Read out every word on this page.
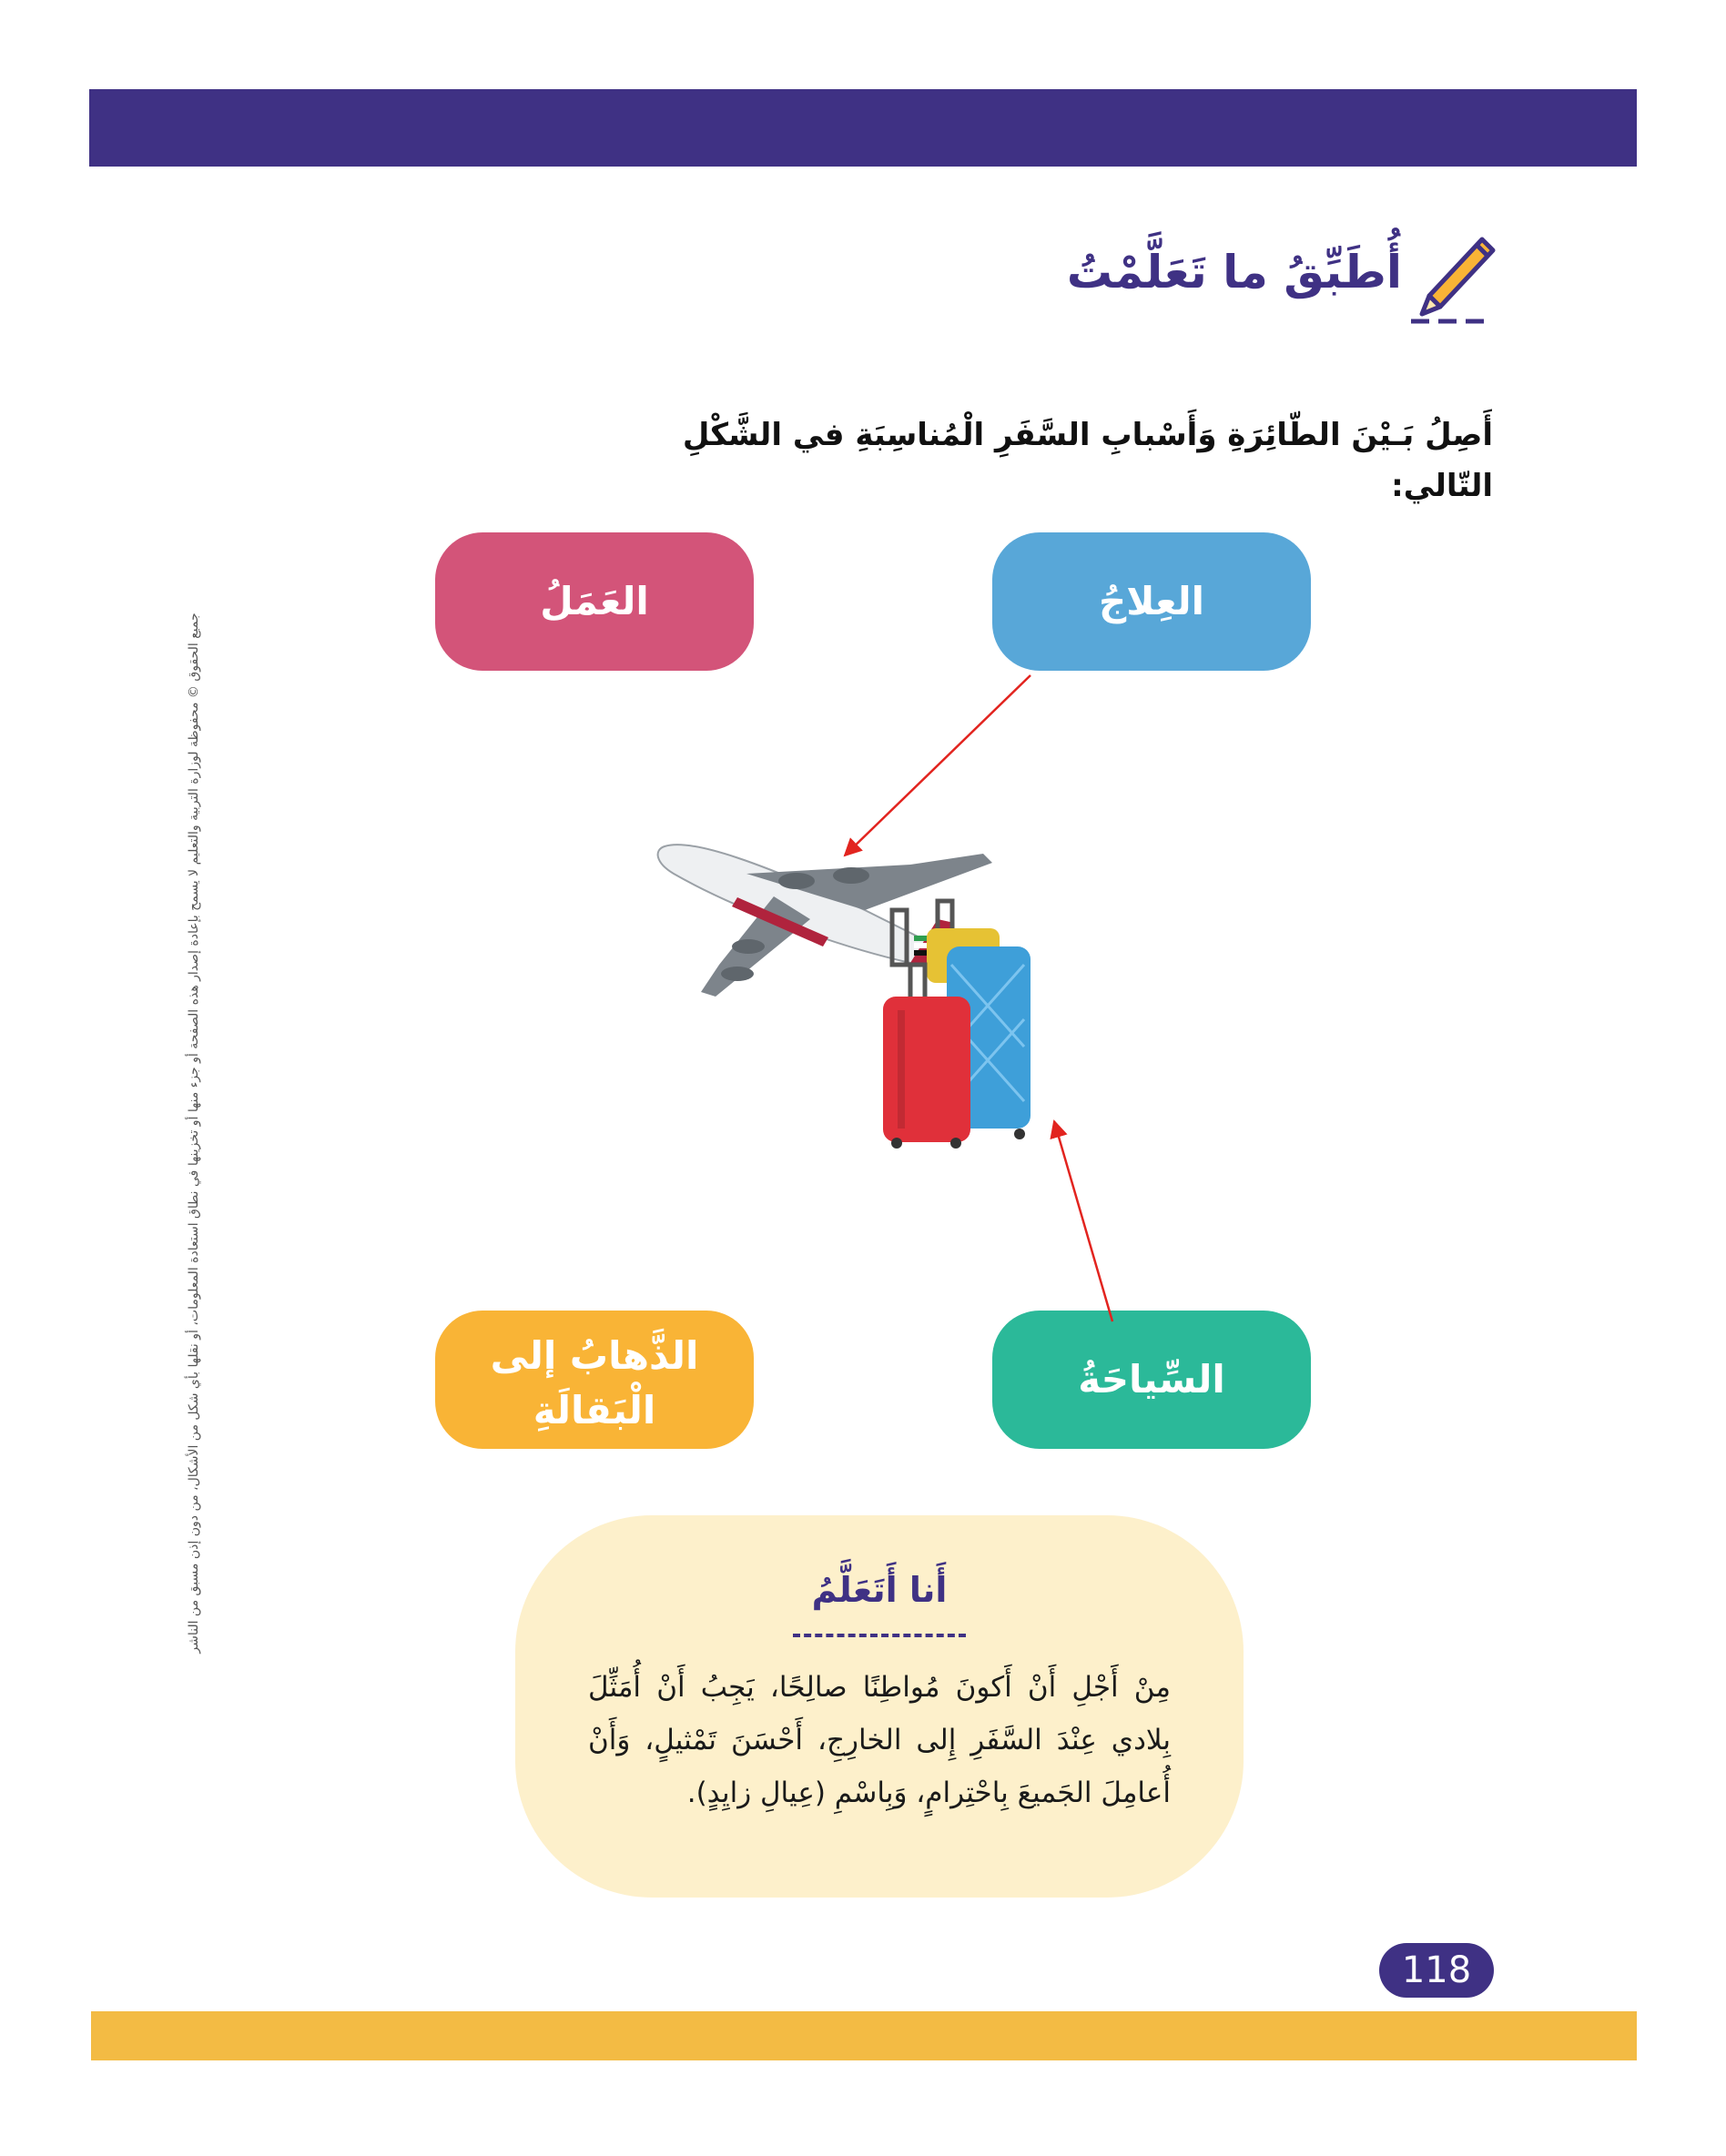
أُطَبِّقُ ما تَعَلَّمْتُ
أَصِلُ بَـيْنَ الطّائِرَةِ وَأَسْبابِ السَّفَرِ الْمُناسِبَةِ في الشَّكْلِ التّالي:
العِلاجُ
العَمَلُ
السِّياحَةُ
الذَّهابُ إلى الْبَقالَةِ
أَنا أَتَعَلَّمُ
مِنْ أَجْلِ أَنْ أَكونَ مُواطِنًا صالِحًا، يَجِبُ أَنْ أُمَثِّلَ بِلادي عِنْدَ السَّفَرِ إِلى الخارِجِ، أَحْسَنَ تَمْثيلٍ، وَأَنْ أُعامِلَ الجَميعَ بِاحْتِرامٍ، وَبِاسْمِ (عِيالِ زايِدٍ).
جميع الحقوق © محفوظة لوزارة التربية والتعليم لا يسمح بإعادة إصدار هذه الصفحة أو جزء منها أو تخزينها في نطاق استعادة المعلومات، أو نقلها بأي شكل من الأشكال، من دون إذن مسبق من الناشر
118
